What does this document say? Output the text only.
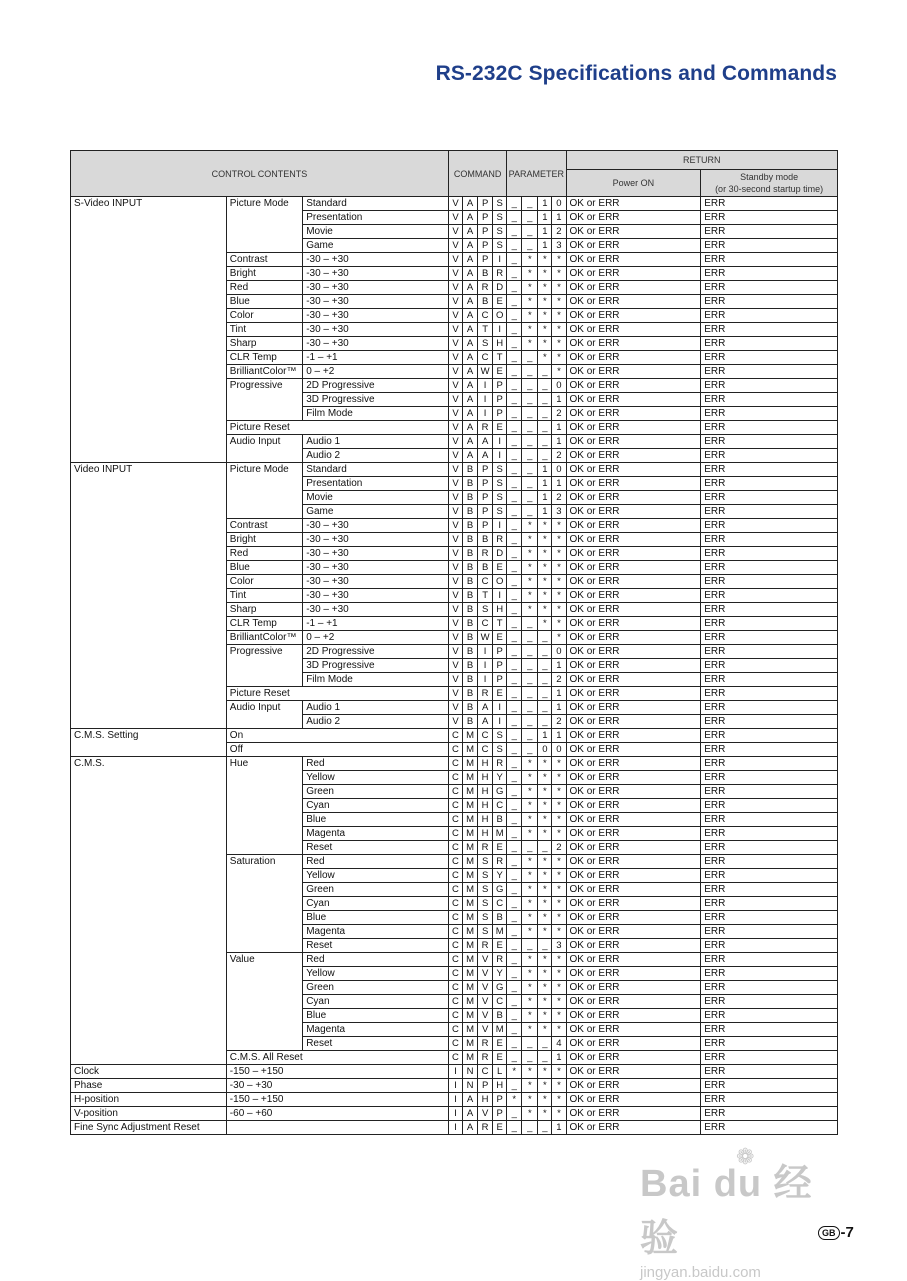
RS-232C Specifications and Commands
CONTROL CONTENTS			COMMAND				PARAMETER				RETURN	
											Power ON	Standby mode
(or 30-second startup time)

S-Video INPUT	Picture Mode	Standard	V	A	P	S	_	_	1	0	OK or ERR	ERR
		Presentation	V	A	P	S	_	_	1	1	OK or ERR	ERR
		Movie	V	A	P	S	_	_	1	2	OK or ERR	ERR
		Game	V	A	P	S	_	_	1	3	OK or ERR	ERR
	Contrast	-30 – +30	V	A	P	I	_	*	*	*	OK or ERR	ERR
	Bright	-30 – +30	V	A	B	R	_	*	*	*	OK or ERR	ERR
	Red	-30 – +30	V	A	R	D	_	*	*	*	OK or ERR	ERR
	Blue	-30 – +30	V	A	B	E	_	*	*	*	OK or ERR	ERR
	Color	-30 – +30	V	A	C	O	_	*	*	*	OK or ERR	ERR
	Tint	-30 – +30	V	A	T	I	_	*	*	*	OK or ERR	ERR
	Sharp	-30 – +30	V	A	S	H	_	*	*	*	OK or ERR	ERR
	CLR Temp	-1 – +1	V	A	C	T	_	_	*	*	OK or ERR	ERR
	BrilliantColor™	0 – +2	V	A	W	E	_	_	_	*	OK or ERR	ERR
	Progressive	2D Progressive	V	A	I	P	_	_	_	0	OK or ERR	ERR
		3D Progressive	V	A	I	P	_	_	_	1	OK or ERR	ERR
		Film Mode	V	A	I	P	_	_	_	2	OK or ERR	ERR
	Picture Reset		V	A	R	E	_	_	_	1	OK or ERR	ERR
	Audio Input	Audio 1	V	A	A	I	_	_	_	1	OK or ERR	ERR
		Audio 2	V	A	A	I	_	_	_	2	OK or ERR	ERR
Video INPUT	Picture Mode	Standard	V	B	P	S	_	_	1	0	OK or ERR	ERR
		Presentation	V	B	P	S	_	_	1	1	OK or ERR	ERR
		Movie	V	B	P	S	_	_	1	2	OK or ERR	ERR
		Game	V	B	P	S	_	_	1	3	OK or ERR	ERR
	Contrast	-30 – +30	V	B	P	I	_	*	*	*	OK or ERR	ERR
	Bright	-30 – +30	V	B	B	R	_	*	*	*	OK or ERR	ERR
	Red	-30 – +30	V	B	R	D	_	*	*	*	OK or ERR	ERR
	Blue	-30 – +30	V	B	B	E	_	*	*	*	OK or ERR	ERR
	Color	-30 – +30	V	B	C	O	_	*	*	*	OK or ERR	ERR
	Tint	-30 – +30	V	B	T	I	_	*	*	*	OK or ERR	ERR
	Sharp	-30 – +30	V	B	S	H	_	*	*	*	OK or ERR	ERR
	CLR Temp	-1 – +1	V	B	C	T	_	_	*	*	OK or ERR	ERR
	BrilliantColor™	0 – +2	V	B	W	E	_	_	_	*	OK or ERR	ERR
	Progressive	2D Progressive	V	B	I	P	_	_	_	0	OK or ERR	ERR
		3D Progressive	V	B	I	P	_	_	_	1	OK or ERR	ERR
		Film Mode	V	B	I	P	_	_	_	2	OK or ERR	ERR
	Picture Reset		V	B	R	E	_	_	_	1	OK or ERR	ERR
	Audio Input	Audio 1	V	B	A	I	_	_	_	1	OK or ERR	ERR
		Audio 2	V	B	A	I	_	_	_	2	OK or ERR	ERR
C.M.S. Setting	On		C	M	C	S	_	_	1	1	OK or ERR	ERR
	Off		C	M	C	S	_	_	0	0	OK or ERR	ERR
C.M.S.	Hue	Red	C	M	H	R	_	*	*	*	OK or ERR	ERR
		Yellow	C	M	H	Y	_	*	*	*	OK or ERR	ERR
		Green	C	M	H	G	_	*	*	*	OK or ERR	ERR
		Cyan	C	M	H	C	_	*	*	*	OK or ERR	ERR
		Blue	C	M	H	B	_	*	*	*	OK or ERR	ERR
		Magenta	C	M	H	M	_	*	*	*	OK or ERR	ERR
		Reset	C	M	R	E	_	_	_	2	OK or ERR	ERR
	Saturation	Red	C	M	S	R	_	*	*	*	OK or ERR	ERR
		Yellow	C	M	S	Y	_	*	*	*	OK or ERR	ERR
		Green	C	M	S	G	_	*	*	*	OK or ERR	ERR
		Cyan	C	M	S	C	_	*	*	*	OK or ERR	ERR
		Blue	C	M	S	B	_	*	*	*	OK or ERR	ERR
		Magenta	C	M	S	M	_	*	*	*	OK or ERR	ERR
		Reset	C	M	R	E	_	_	_	3	OK or ERR	ERR
	Value	Red	C	M	V	R	_	*	*	*	OK or ERR	ERR
		Yellow	C	M	V	Y	_	*	*	*	OK or ERR	ERR
		Green	C	M	V	G	_	*	*	*	OK or ERR	ERR
		Cyan	C	M	V	C	_	*	*	*	OK or ERR	ERR
		Blue	C	M	V	B	_	*	*	*	OK or ERR	ERR
		Magenta	C	M	V	M	_	*	*	*	OK or ERR	ERR
		Reset	C	M	R	E	_	_	_	4	OK or ERR	ERR
	C.M.S. All Reset		C	M	R	E	_	_	_	1	OK or ERR	ERR
Clock	-150 – +150		I	N	C	L	*	*	*	*	OK or ERR	ERR
Phase	-30 – +30		I	N	P	H	_	*	*	*	OK or ERR	ERR
H-position	-150 – +150		I	A	H	P	*	*	*	*	OK or ERR	ERR
V-position	-60 – +60		I	A	V	P	_	*	*	*	OK or ERR	ERR
Fine Sync Adjustment Reset			I	A	R	E	_	_	_	1	OK or ERR	ERR
❁
Bai du 经验
jingyan.baidu.com
GB -7
